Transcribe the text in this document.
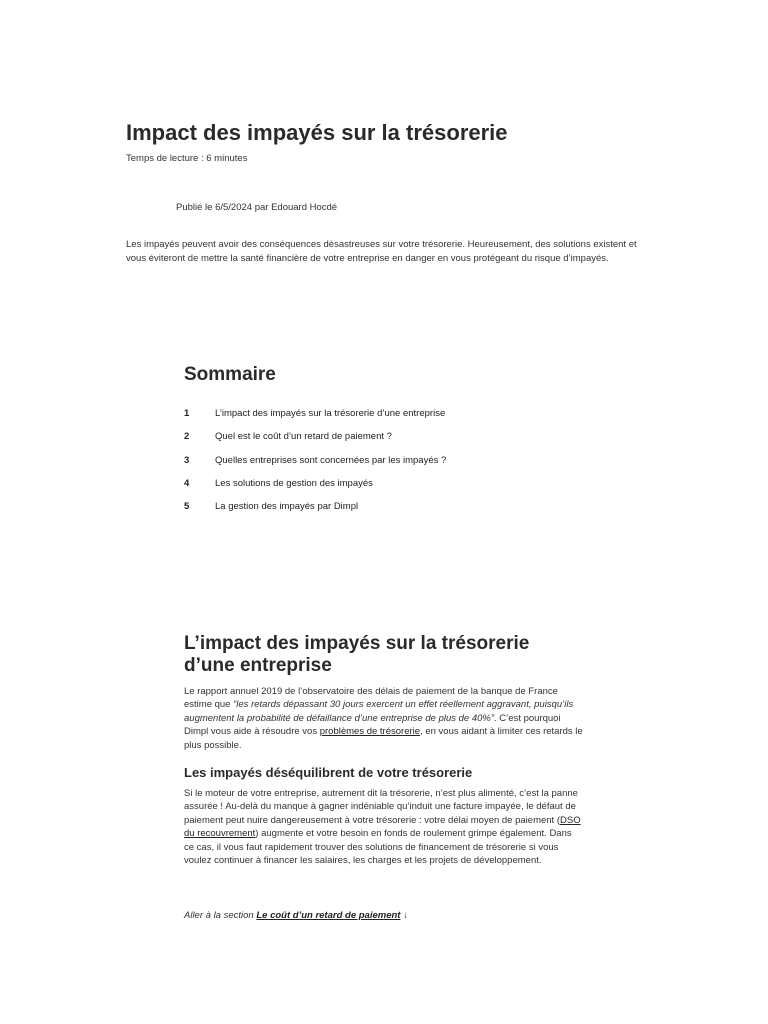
Impact des impayés sur la trésorerie
Temps de lecture : 6 minutes
Publié le 6/5/2024 par Edouard Hocdé

Les impayés peuvent avoir des conséquences désastreuses sur votre trésorerie. Heureusement, des solutions existent et vous éviteront de mettre la santé financière de votre entreprise en danger en vous protégeant du risque d’impayés.

Sommaire
1	L’impact des impayés sur la trésorerie d’une entreprise
2	Quel est le coût d’un retard de paiement ?
3	Quelles entreprises sont concernées par les impayés ?
4	Les solutions de gestion des impayés
5	La gestion des impayés par Dimpl
L’impact des impayés sur la trésorerie d’une entreprise

Le rapport annuel 2019 de l’observatoire des délais de paiement de la banque de France estime que “les retards dépassant 30 jours exercent un effet réellement aggravant, puisqu’ils augmentent la probabilité de défaillance d’une entreprise de plus de 40%”. C’est pourquoi Dimpl vous aide à résoudre vos problèmes de trésorerie, en vous aidant à limiter ces retards le plus possible.

Les impayés déséquilibrent de votre trésorerie

Si le moteur de votre entreprise, autrement dit la trésorerie, n’est plus alimenté, c’est la panne assurée ! Au-delà du manque à gagner indéniable qu’induit une facture impayée, le défaut de paiement peut nuire dangereusement à votre trésorerie : votre délai moyen de paiement (DSO du recouvrement) augmente et votre besoin en fonds de roulement grimpe également. Dans ce cas, il vous faut rapidement trouver des solutions de financement de trésorerie si vous voulez continuer à financer les salaires, les charges et les projets de développement.

Aller à la section Le coût d’un retard de paiement ↓
